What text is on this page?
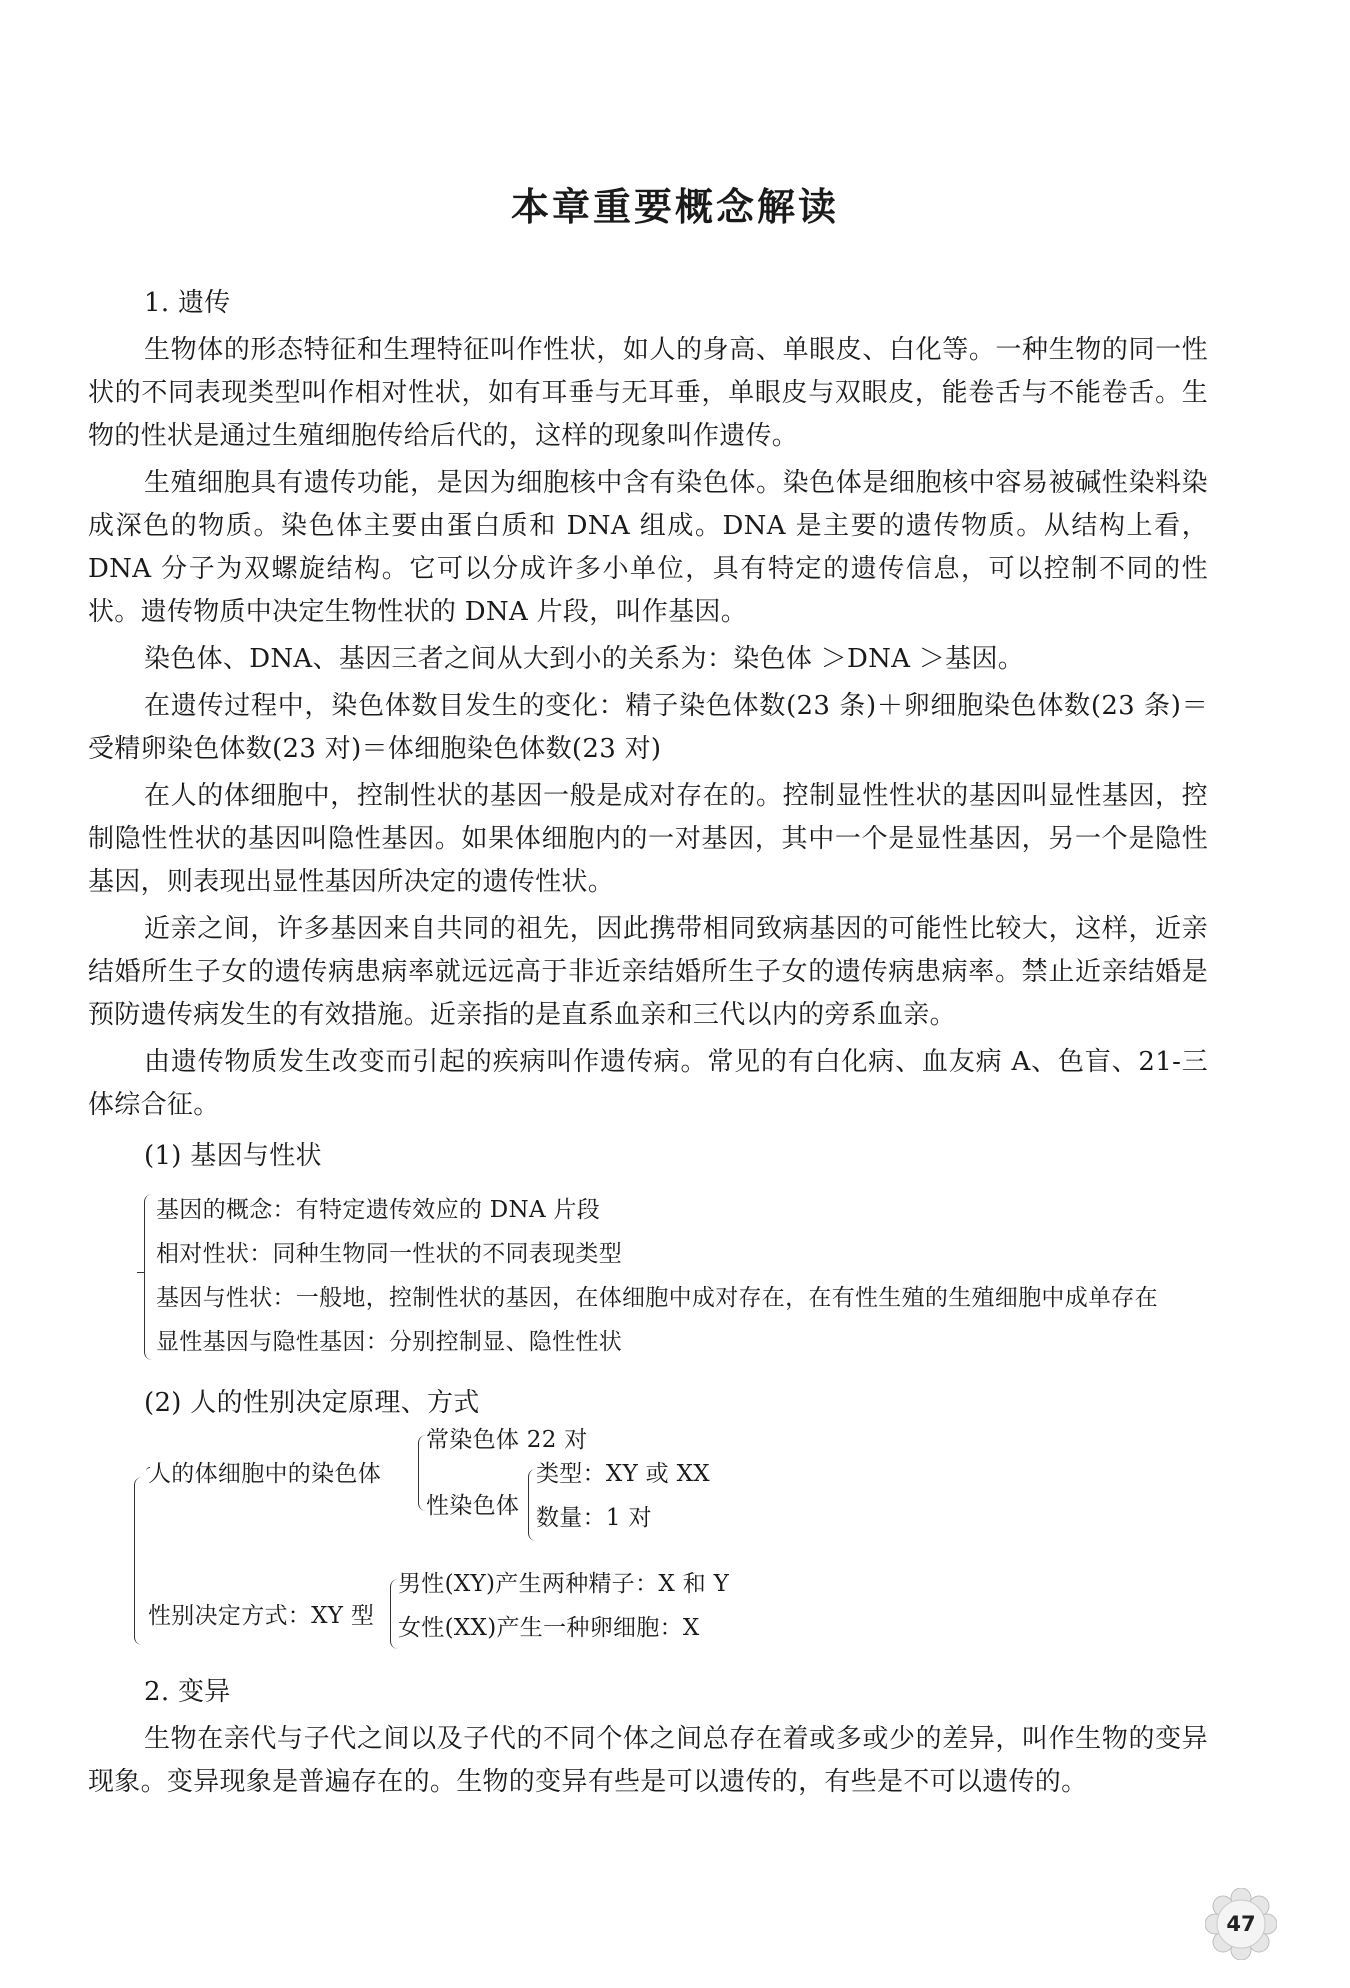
本章重要概念解读
1. 遗传

生物体的形态特征和生理特征叫作性状，如人的身高、单眼皮、白化等。一种生物的同一性状的不同表现类型叫作相对性状，如有耳垂与无耳垂，单眼皮与双眼皮，能卷舌与不能卷舌。生物的性状是通过生殖细胞传给后代的，这样的现象叫作遗传。

生殖细胞具有遗传功能，是因为细胞核中含有染色体。染色体是细胞核中容易被碱性染料染成深色的物质。染色体主要由蛋白质和 DNA 组成。DNA 是主要的遗传物质。从结构上看，DNA 分子为双螺旋结构。它可以分成许多小单位，具有特定的遗传信息，可以控制不同的性状。遗传物质中决定生物性状的 DNA 片段，叫作基因。

染色体、DNA、基因三者之间从大到小的关系为：染色体 ＞DNA ＞基因。

在遗传过程中，染色体数目发生的变化：精子染色体数(23 条)＋卵细胞染色体数(23 条)＝受精卵染色体数(23 对)＝体细胞染色体数(23 对)

在人的体细胞中，控制性状的基因一般是成对存在的。控制显性性状的基因叫显性基因，控制隐性性状的基因叫隐性基因。如果体细胞内的一对基因，其中一个是显性基因，另一个是隐性基因，则表现出显性基因所决定的遗传性状。

近亲之间，许多基因来自共同的祖先，因此携带相同致病基因的可能性比较大，这样，近亲结婚所生子女的遗传病患病率就远远高于非近亲结婚所生子女的遗传病患病率。禁止近亲结婚是预防遗传病发生的有效措施。近亲指的是直系血亲和三代以内的旁系血亲。

由遗传物质发生改变而引起的疾病叫作遗传病。常见的有白化病、血友病 A、色盲、21-三体综合征。

(1) 基因与性状
基因的概念：有特定遗传效应的 DNA 片段
相对性状：同种生物同一性状的不同表现类型
基因与性状：一般地，控制性状的基因，在体细胞中成对存在，在有性生殖的生殖细胞中成单存在
显性基因与隐性基因：分别控制显、隐性性状
(2) 人的性别决定原理、方式
人的体细胞中的染色体
常染色体 22 对
性染色体
类型：XY 或 XX
数量：1 对
性别决定方式：XY 型
男性(XY)产生两种精子：X 和 Y
女性(XX)产生一种卵细胞：X
2. 变异

生物在亲代与子代之间以及子代的不同个体之间总存在着或多或少的差异，叫作生物的变异现象。变异现象是普遍存在的。生物的变异有些是可以遗传的，有些是不可以遗传的。

47
